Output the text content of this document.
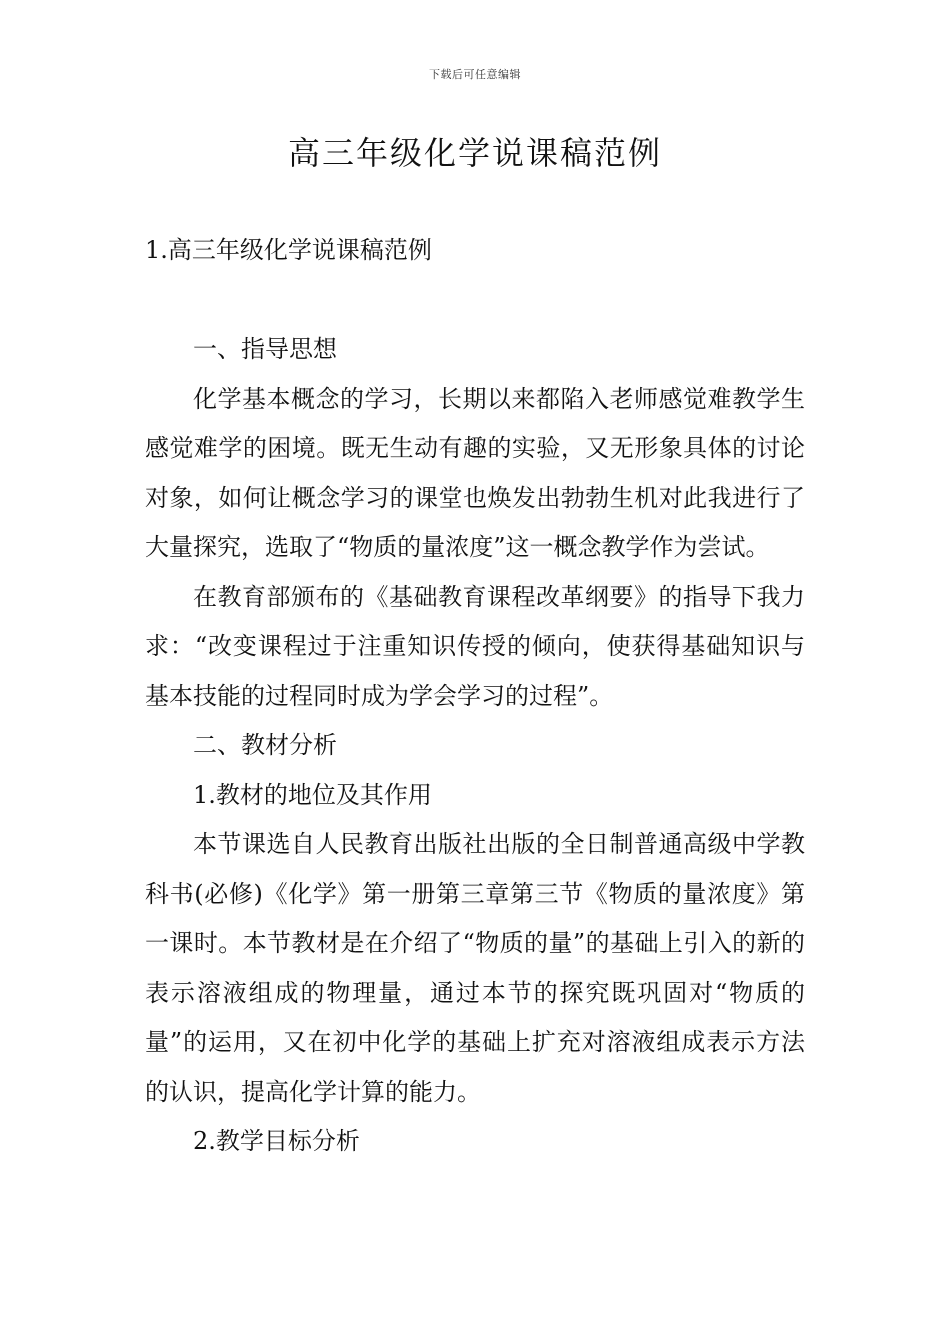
下载后可任意编辑
高三年级化学说课稿范例
1.高三年级化学说课稿范例

一、指导思想

化学基本概念的学习，长期以来都陷入老师感觉难教学生感觉难学的困境。既无生动有趣的实验，又无形象具体的讨论对象，如何让概念学习的课堂也焕发出勃勃生机对此我进行了大量探究，选取了“物质的量浓度”这一概念教学作为尝试。

在教育部颁布的《基础教育课程改革纲要》的指导下我力求：“改变课程过于注重知识传授的倾向，使获得基础知识与基本技能的过程同时成为学会学习的过程”。

二、教材分析

1.教材的地位及其作用

本节课选自人民教育出版社出版的全日制普通高级中学教科书(必修)《化学》第一册第三章第三节《物质的量浓度》第一课时。本节教材是在介绍了“物质的量”的基础上引入的新的表示溶液组成的物理量，通过本节的探究既巩固对“物质的量”的运用，又在初中化学的基础上扩充对溶液组成表示方法的认识，提高化学计算的能力。

2.教学目标分析
